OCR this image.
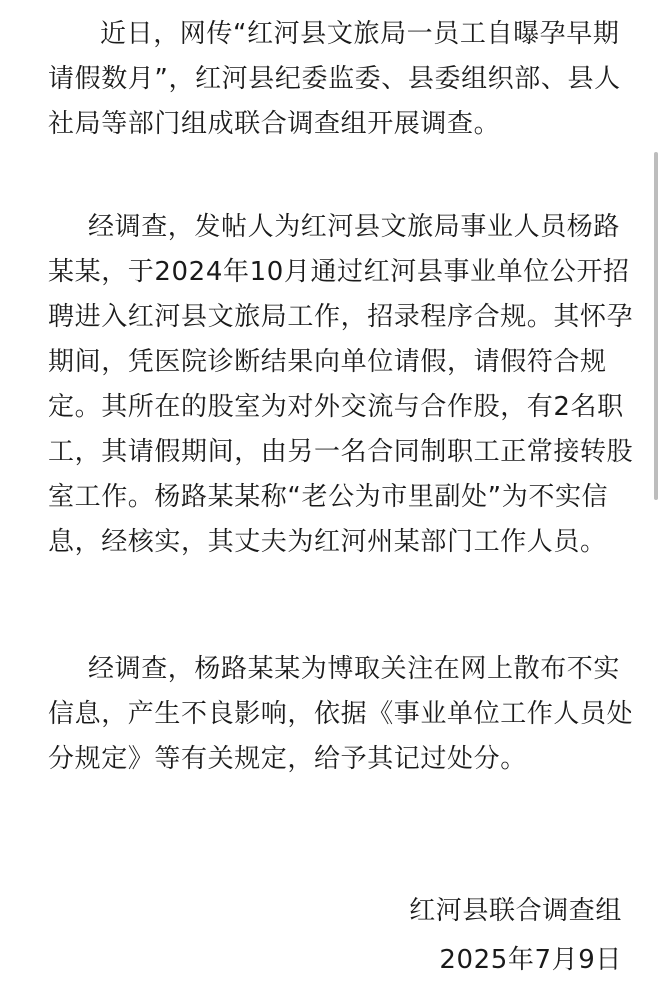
近日，网传“红河县文旅局一员工自曝孕早期
请假数月”，红河县纪委监委、县委组织部、县人
社局等部门组成联合调查组开展调查。
经调查，发帖人为红河县文旅局事业人员杨路
某某，于2024年10月通过红河县事业单位公开招
聘进入红河县文旅局工作，招录程序合规。其怀孕
期间，凭医院诊断结果向单位请假，请假符合规
定。其所在的股室为对外交流与合作股，有2名职
工，其请假期间，由另一名合同制职工正常接转股
室工作。杨路某某称“老公为市里副处”为不实信
息，经核实，其丈夫为红河州某部门工作人员。
经调查，杨路某某为博取关注在网上散布不实
信息，产生不良影响，依据《事业单位工作人员处
分规定》等有关规定，给予其记过处分。
红河县联合调查组
2025年7月9日
